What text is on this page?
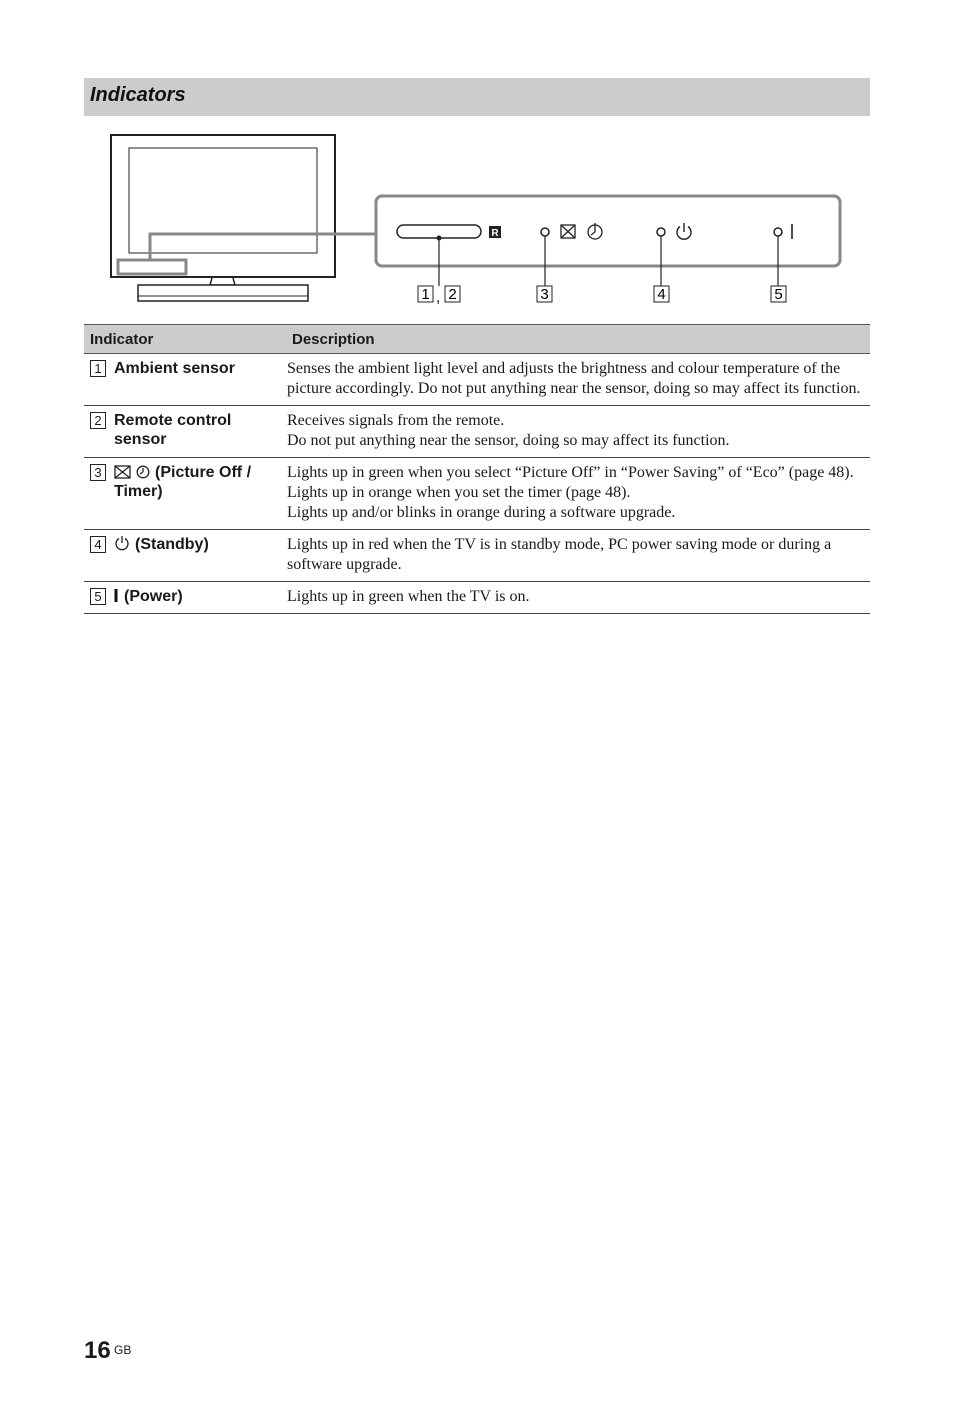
Indicators
R
1 , 2	3	4	5
Indicator	Description

1 Ambient sensor	Senses the ambient light level and adjusts the brightness and colour temperature of the picture accordingly. Do not put anything near the sensor, doing so may affect its function.

2 Remote control sensor	Receives signals from the remote.
Do not put anything near the sensor, doing so may affect its function.

3 (Picture Off / Timer)	Lights up in green when you select “Picture Off” in “Power Saving” of “Eco” (page 48).
Lights up in orange when you set the timer (page 48).
Lights up and/or blinks in orange during a software upgrade.

4 (Standby)	Lights up in red when the TV is in standby mode, PC power saving mode or during a software upgrade.

5 (Power)	Lights up in green when the TV is on.
16 GB
